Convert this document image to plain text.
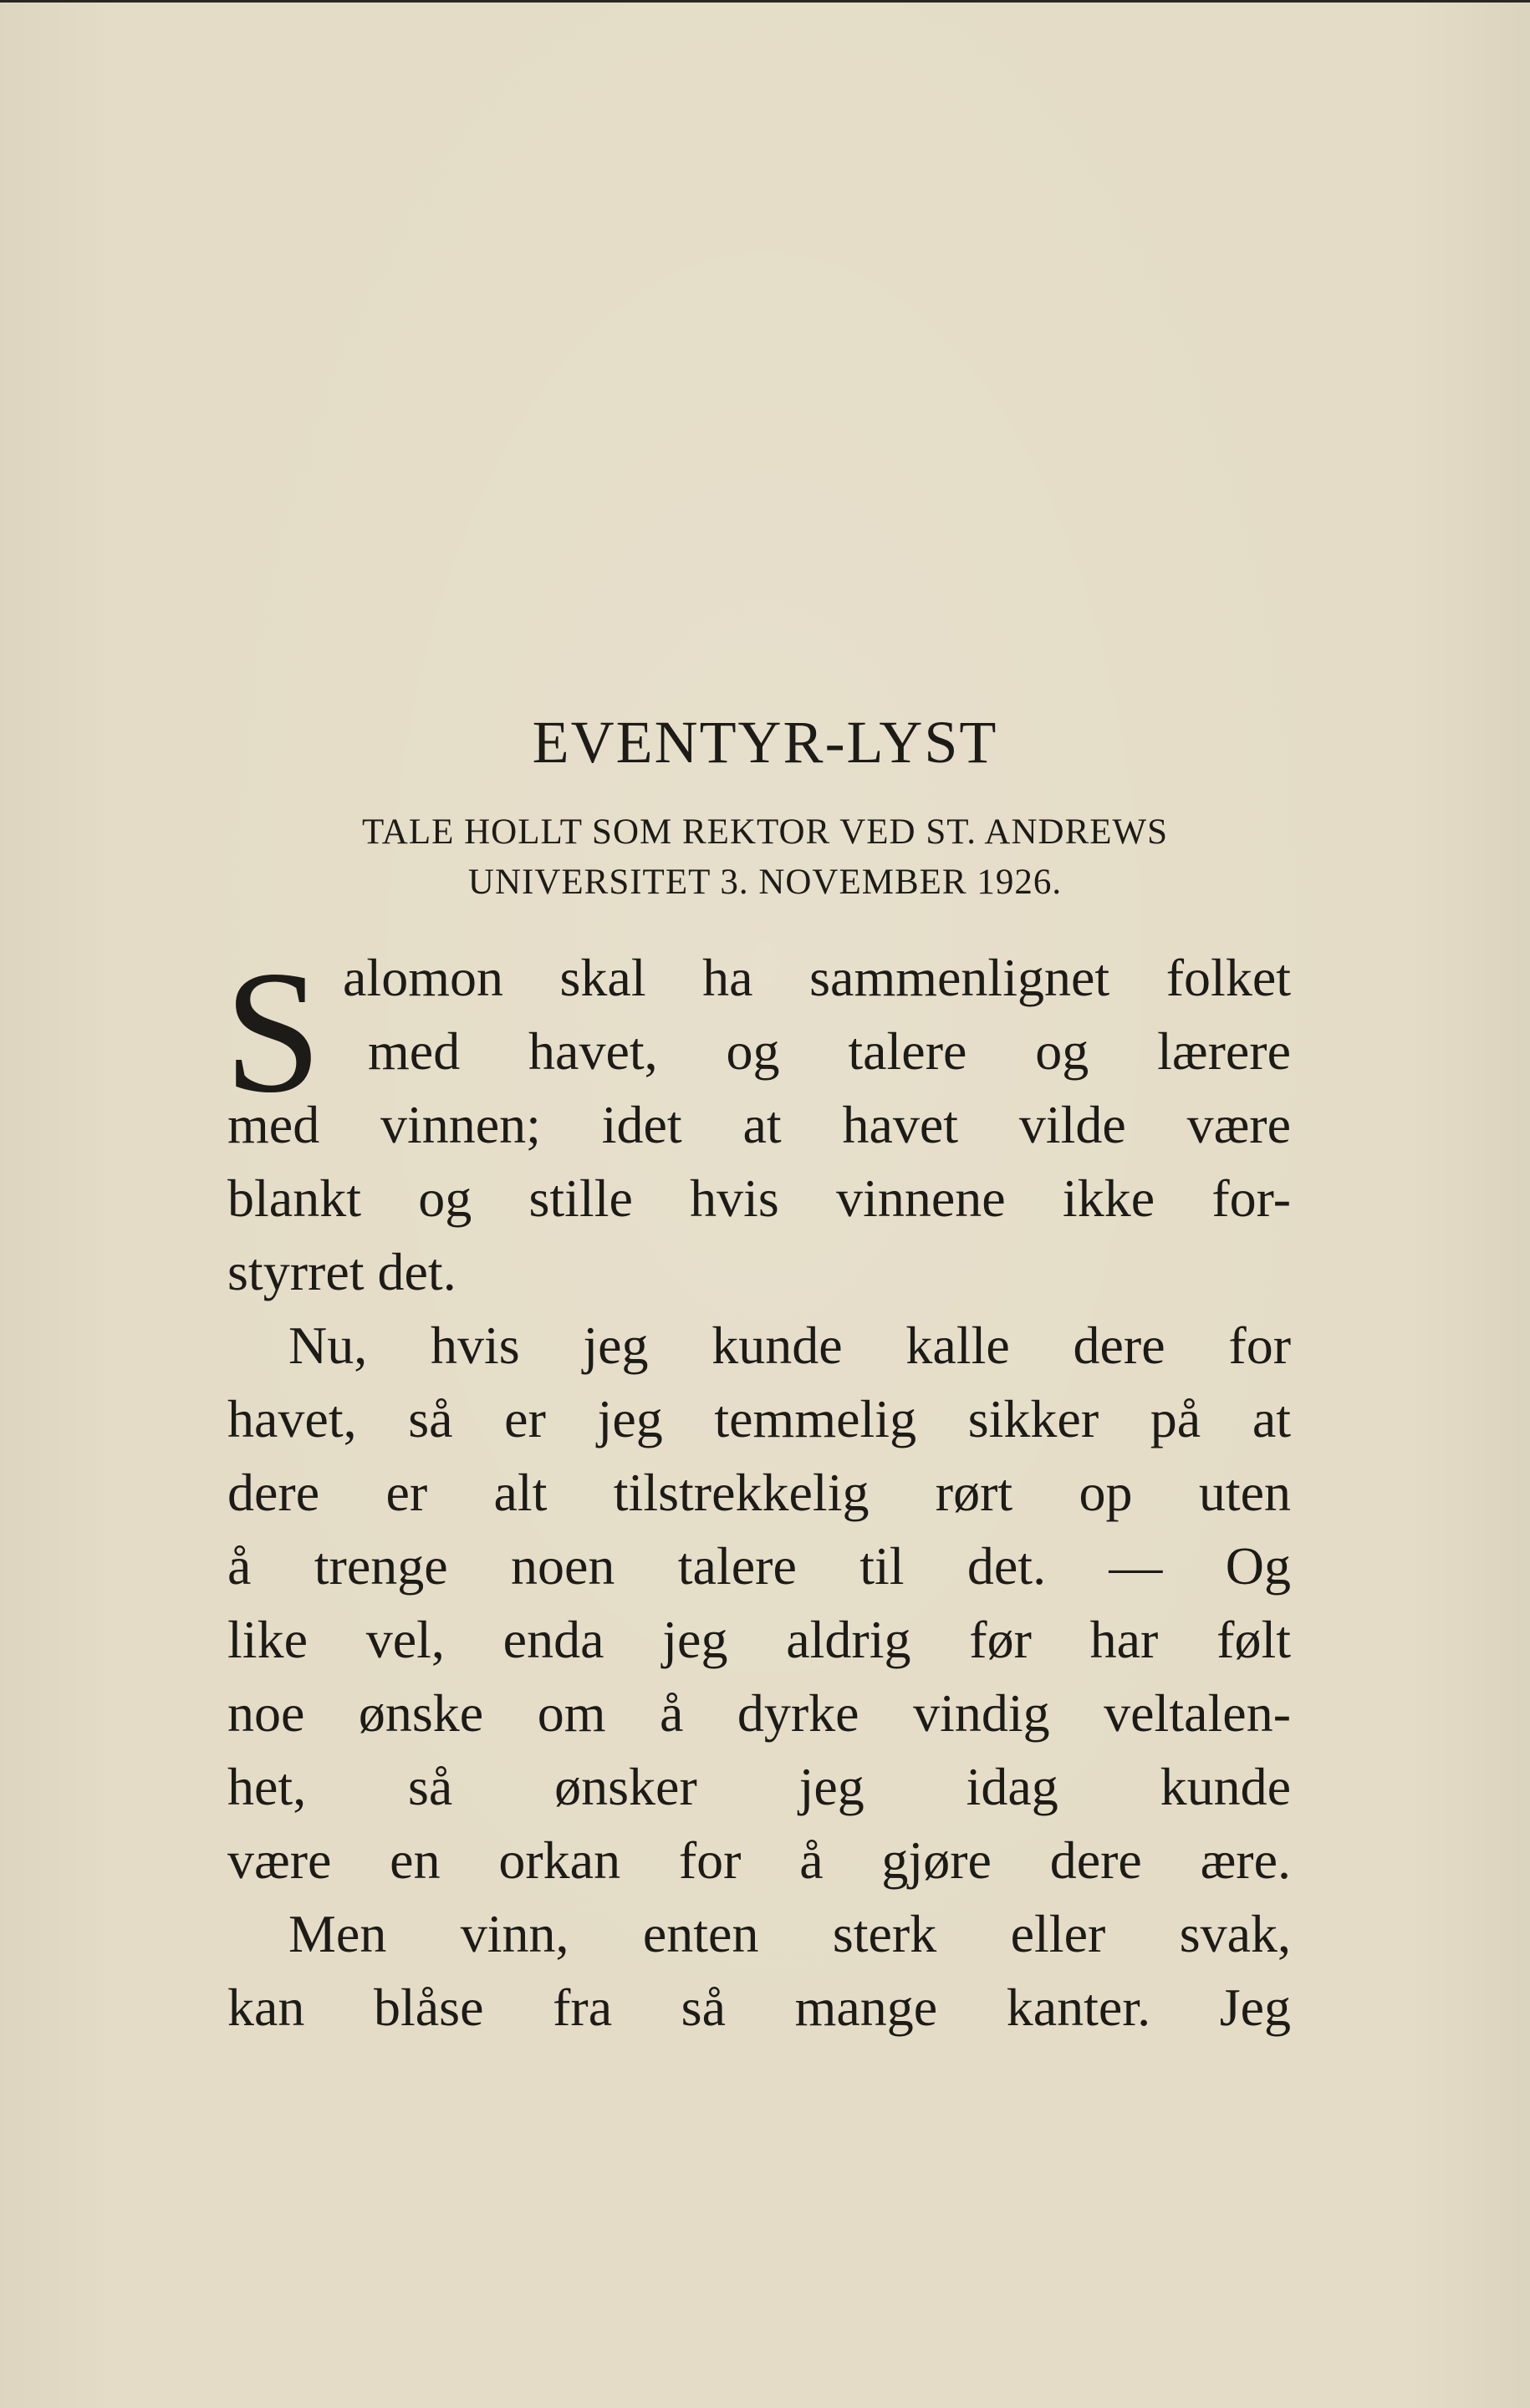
EVENTYR-LYST
TALE HOLLT SOM REKTOR VED ST. ANDREWS
UNIVERSITET 3. NOVEMBER 1926.
S alomon skal ha sammenlignet folket
med havet, og talere og lærere
med vinnen; idet at havet vilde være
blankt og stille hvis vinnene ikke for-
styrret det.
Nu, hvis jeg kunde kalle dere for
havet, så er jeg temmelig sikker på at
dere er alt tilstrekkelig rørt op uten
å trenge noen talere til det. — Og
like vel, enda jeg aldrig før har følt
noe ønske om å dyrke vindig veltalen-
het, så ønsker jeg idag kunde
være en orkan for å gjøre dere ære.
Men vinn, enten sterk eller svak,
kan blåse fra så mange kanter. Jeg
